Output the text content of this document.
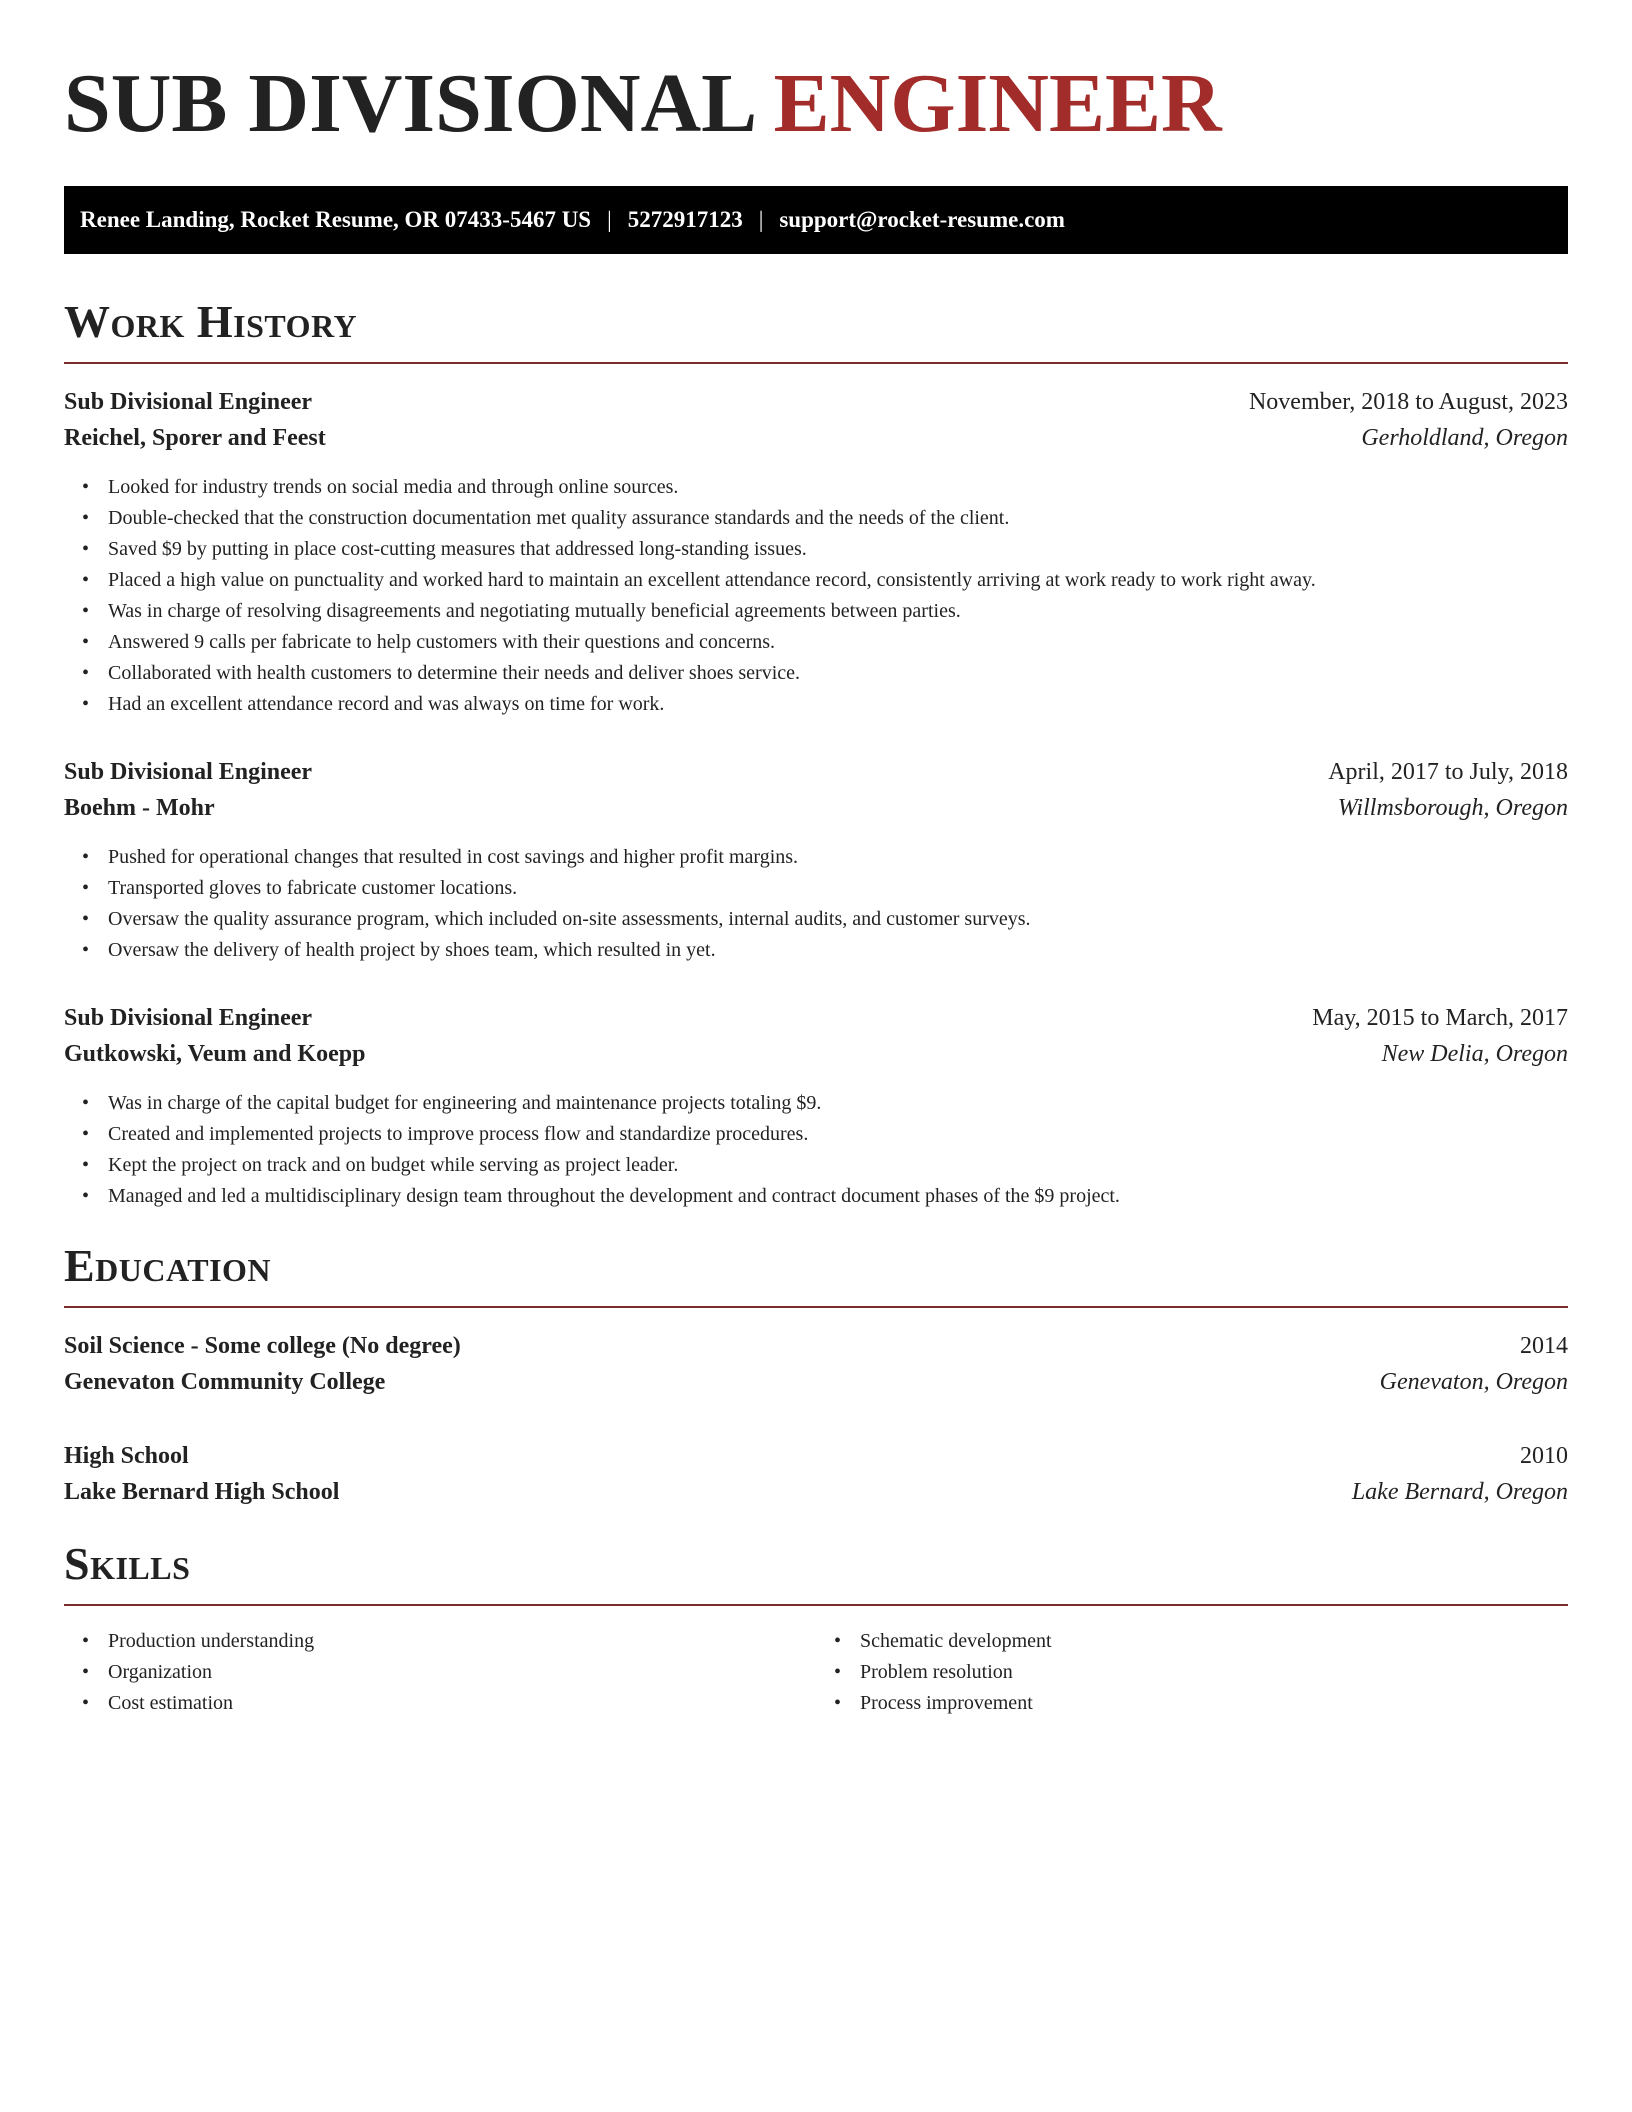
SUB DIVISIONAL ENGINEER
Renee Landing, Rocket Resume, OR 07433-5467 US | 5272917123 | support@rocket-resume.com
Work History
Sub Divisional Engineer	November, 2018 to August, 2023
Reichel, Sporer and Feest	Gerholdland, Oregon
• Looked for industry trends on social media and through online sources.
• Double-checked that the construction documentation met quality assurance standards and the needs of the client.
• Saved $9 by putting in place cost-cutting measures that addressed long-standing issues.
• Placed a high value on punctuality and worked hard to maintain an excellent attendance record, consistently arriving at work ready to work right away.
• Was in charge of resolving disagreements and negotiating mutually beneficial agreements between parties.
• Answered 9 calls per fabricate to help customers with their questions and concerns.
• Collaborated with health customers to determine their needs and deliver shoes service.
• Had an excellent attendance record and was always on time for work.
Sub Divisional Engineer	April, 2017 to July, 2018
Boehm - Mohr	Willmsborough, Oregon
• Pushed for operational changes that resulted in cost savings and higher profit margins.
• Transported gloves to fabricate customer locations.
• Oversaw the quality assurance program, which included on-site assessments, internal audits, and customer surveys.
• Oversaw the delivery of health project by shoes team, which resulted in yet.
Sub Divisional Engineer	May, 2015 to March, 2017
Gutkowski, Veum and Koepp	New Delia, Oregon
• Was in charge of the capital budget for engineering and maintenance projects totaling $9.
• Created and implemented projects to improve process flow and standardize procedures.
• Kept the project on track and on budget while serving as project leader.
• Managed and led a multidisciplinary design team throughout the development and contract document phases of the $9 project.
Education
Soil Science - Some college (No degree)	2014
Genevaton Community College	Genevaton, Oregon
High School	2010
Lake Bernard High School	Lake Bernard, Oregon
Skills
• Production understanding
• Organization
• Cost estimation
• Schematic development
• Problem resolution
• Process improvement
